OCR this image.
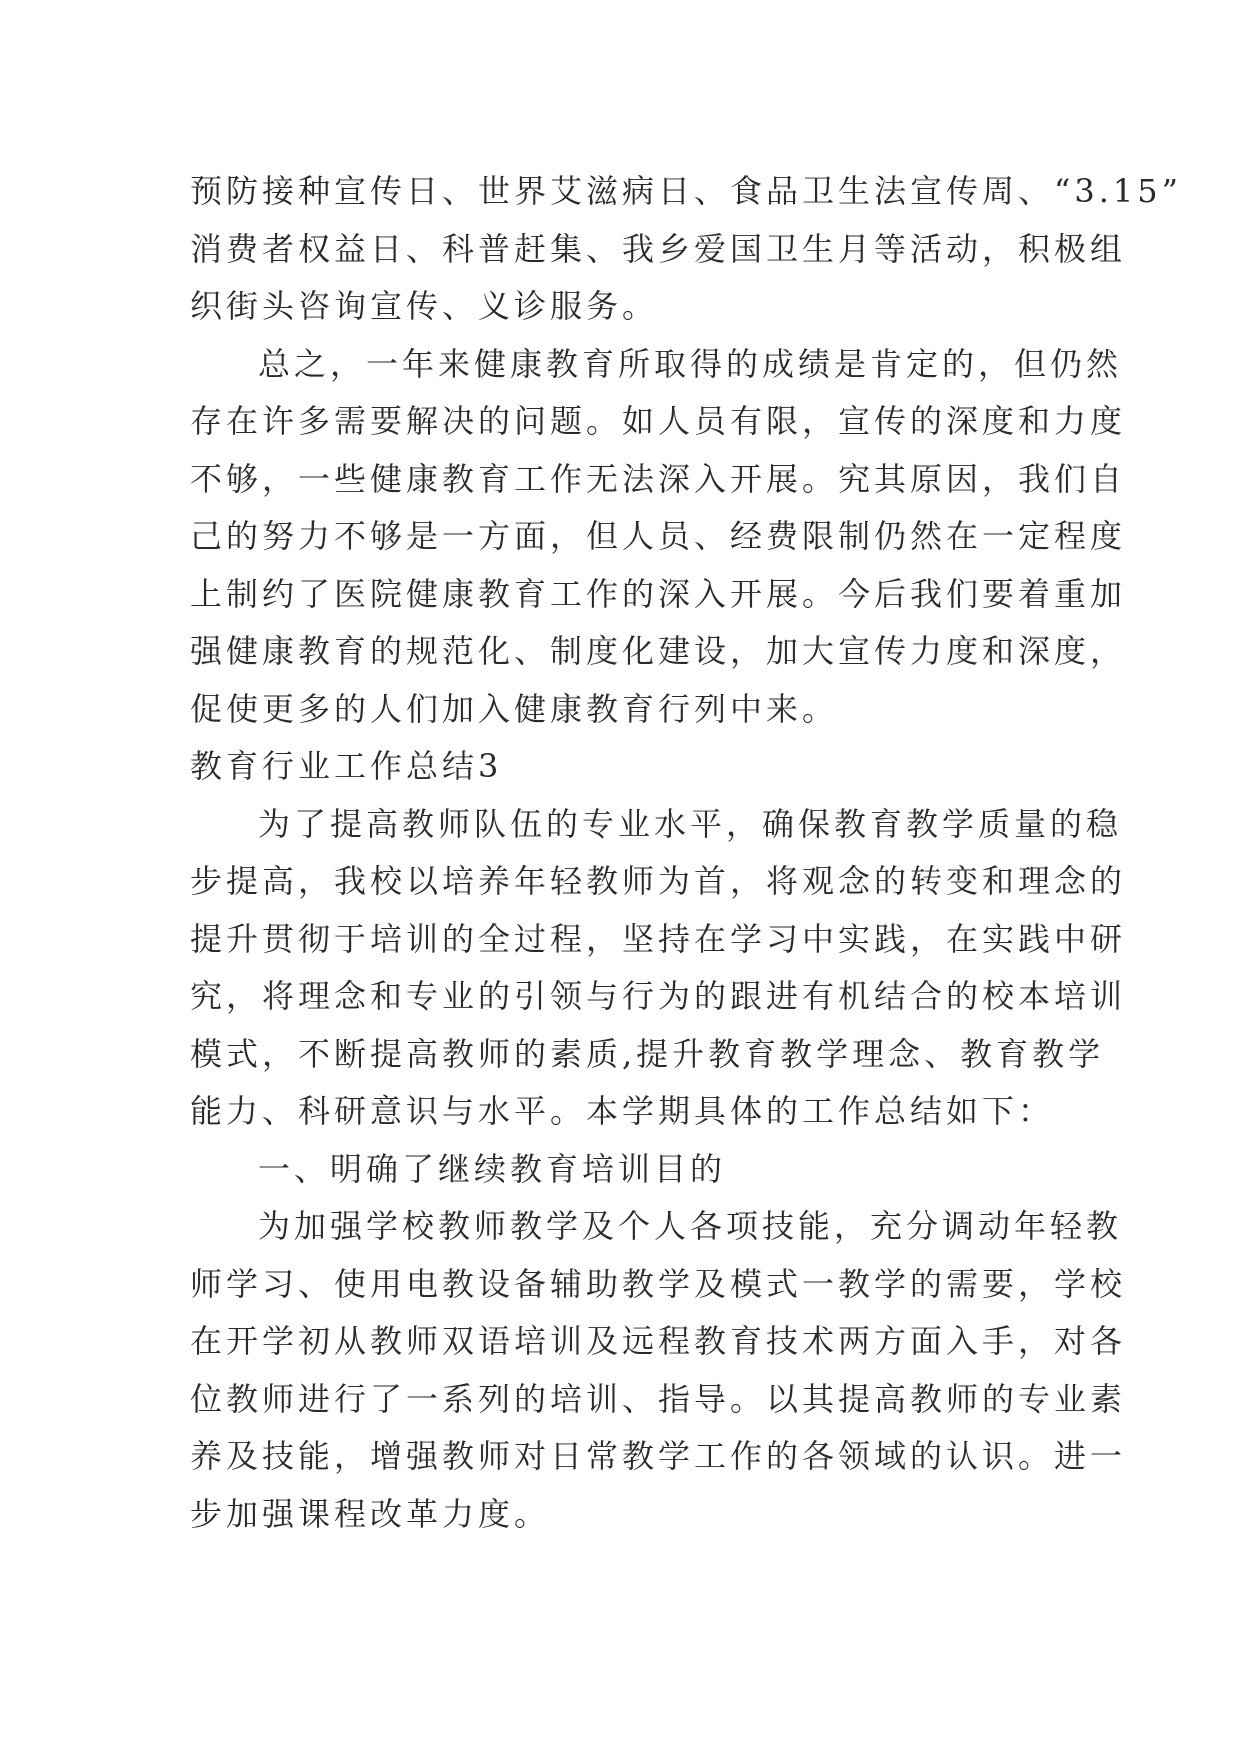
预防接种宣传日、世界艾滋病日、食品卫生法宣传周、“3.15”
消费者权益日、科普赶集、我乡爱国卫生月等活动，积极组
织街头咨询宣传、义诊服务。
总之，一年来健康教育所取得的成绩是肯定的，但仍然
存在许多需要解决的问题。如人员有限，宣传的深度和力度
不够，一些健康教育工作无法深入开展。究其原因，我们自
己的努力不够是一方面，但人员、经费限制仍然在一定程度
上制约了医院健康教育工作的深入开展。今后我们要着重加
强健康教育的规范化、制度化建设，加大宣传力度和深度，
促使更多的人们加入健康教育行列中来。
教育行业工作总结3
为了提高教师队伍的专业水平，确保教育教学质量的稳
步提高，我校以培养年轻教师为首，将观念的转变和理念的
提升贯彻于培训的全过程，坚持在学习中实践，在实践中研
究，将理念和专业的引领与行为的跟进有机结合的校本培训
模式，不断提高教师的素质,提升教育教学理念、教育教学
能力、科研意识与水平。本学期具体的工作总结如下：
一、明确了继续教育培训目的
为加强学校教师教学及个人各项技能，充分调动年轻教
师学习、使用电教设备辅助教学及模式一教学的需要，学校
在开学初从教师双语培训及远程教育技术两方面入手，对各
位教师进行了一系列的培训、指导。以其提高教师的专业素
养及技能，增强教师对日常教学工作的各领域的认识。进一
步加强课程改革力度。
